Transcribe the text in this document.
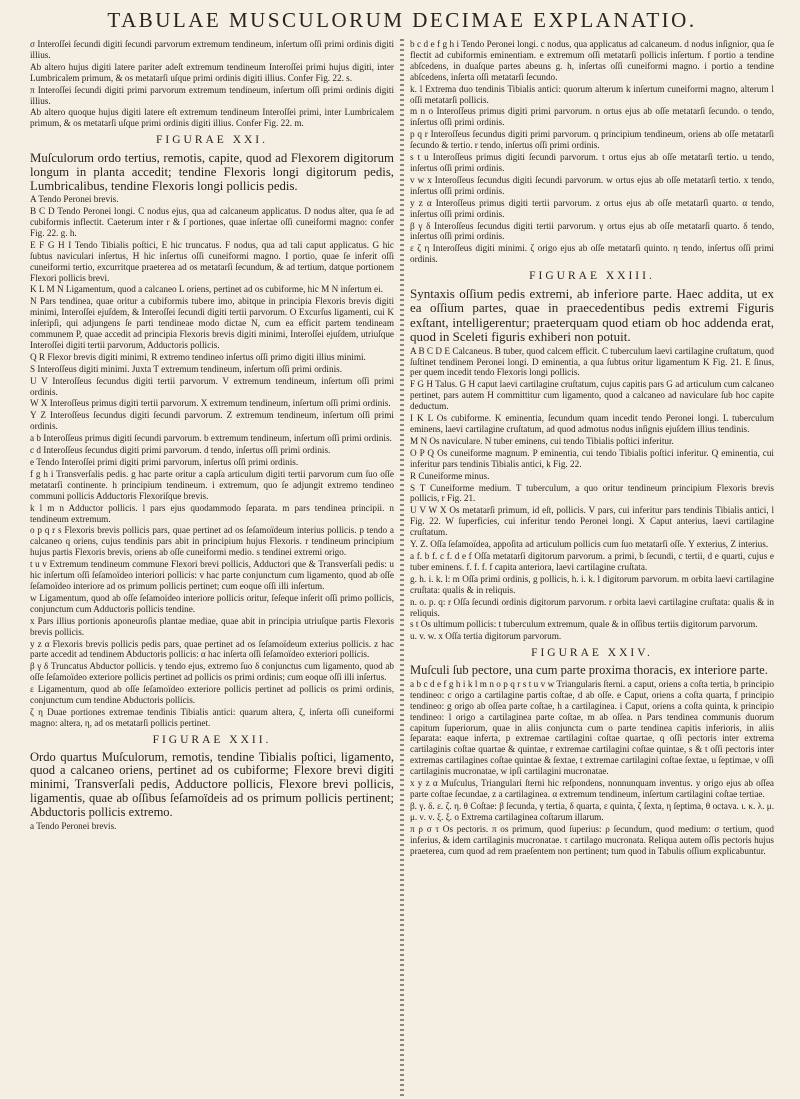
TABULAE MUSCULORUM DECIMAE EXPLANATIO.

σ Interoſſei ſecundi digiti ſecundi parvorum extremum tendineum, inſertum oſſi primi ordinis digiti illius.

Ab altero hujus digiti latere pariter adeſt extremum tendineum Interoſſei primi hujus digiti, inter Lumbricalem primum, & os metatarſi uſque primi ordinis digiti illius. Confer Fig. 22. s.

π Interoſſei ſecundi digiti primi parvorum extremum tendineum, inſertum oſſi primi ordinis digiti illius.

Ab altero quoque hujus digiti latere eſt extremum tendineum Interoſſei primi, inter Lumbricalem primum, & os metatarſi uſque primi ordinis digiti illius. Confer Fig. 22. m.

FIGURAE XXI.

Muſculorum ordo tertius, remotis, capite, quod ad Flexorem digitorum longum in planta accedit; tendine Flexoris longi digitorum pedis, Lumbricalibus, tendine Flexoris longi pollicis pedis.

A Tendo Peronei brevis.

B C D Tendo Peronei longi. C nodus ejus, qua ad calcaneum applicatus. D nodus alter, qua ſe ad cubiformis inflectit. Caeterum inter r & ſ portiones, quae inſertae oſſi cuneiformi magno: confer Fig. 22. g. h.

E F G H I Tendo Tibialis poſtici, E hic truncatus. F nodus, qua ad tali caput applicatus. G hic ſubtus naviculari inſertus, H hic inſertus oſſi cuneiformi magno. I portio, quae ſe inferit oſſi cuneiformi tertio, excurritque praeterea ad os metatarſi ſecundum, & ad tertium, datque portionem Flexori pollicis brevi.

K L M N Ligamentum, quod a calcaneo L oriens, pertinet ad os cubiforme, hic M N inſertum ei.

N Pars tendinea, quae oritur a cubiformis tubere imo, abitque in principia Flexoris brevis digiti minimi, Interoſſei ejuſdem, & Interoſſei ſecundi digiti tertii parvorum. O Excurſus ligamenti, cui K inſeripſi, qui adjungens ſe parti tendineae modo dictae N, cum ea efficit partem tendineam communem P, quae accedit ad principia Flexoris brevis digiti minimi, Interoſſei ejuſdem, utriuſque Interoſſei digiti tertii parvorum, Adductoris pollicis.

Q R Flexor brevis digiti minimi, R extremo tendineo inſertus oſſi primo digiti illius minimi.

S Interoſſeus digiti minimi. Juxta T extremum tendineum, inſertum oſſi primi ordinis.

U V Interoſſeus ſecundus digiti tertii parvorum. V extremum tendineum, inſertum oſſi primi ordinis.

W X Interoſſeus primus digiti tertii parvorum. X extremum tendineum, inſertum oſſi primi ordinis.

Y Z Interoſſeus ſecundus digiti ſecundi parvorum. Z extremum tendineum, inſertum oſſi primi ordinis.

a b Interoſſeus primus digiti ſecundi parvorum. b extremum tendineum, inſertum oſſi primi ordinis.

c d Interoſſeus ſecundus digiti primi parvorum. d tendo, inſertus oſſi primi ordinis.

e Tendo Interoſſei primi digiti primi parvorum, inſertus oſſi primi ordinis.

f g h i Transverſalis pedis. g hac parte oritur a capſa articulum digiti tertii parvorum cum ſuo oſſe metatarſi continente. h principium tendineum. i extremum, quo ſe adjungit extremo tendineo communi pollicis Adductoris Flexoriſque brevis.

k l m n Adductor pollicis. l pars ejus quodammodo ſeparata. m pars tendinea principii. n tendineum extremum.

o p q r s Flexoris brevis pollicis pars, quae pertinet ad os ſeſamoïdeum interius pollicis. p tendo a calcaneo q oriens, cujus tendinis pars abit in principium hujus Flexoris. r tendineum principium hujus partis Flexoris brevis, oriens ab oſſe cuneiformi medio. s tendinei extremi origo.

t u v Extremum tendineum commune Flexori brevi pollicis, Adductori que & Transverſali pedis: u hic inſertum oſſi ſeſamoïdeo interiori pollicis: v hac parte conjunctum cum ligamento, quod ab oſſe ſeſamoïdeo interiore ad os primum pollicis pertinet; cum eoque oſſi illi inſertum.

w Ligamentum, quod ab oſſe ſeſamoïdeo interiore pollicis oritur, ſeſeque inſerit oſſi primo pollicis, conjunctum cum Adductoris pollicis tendine.

x Pars illius portionis aponeuroſis plantae mediae, quae abit in principia utriuſque partis Flexoris brevis pollicis.

y z α Flexoris brevis pollicis pedis pars, quae pertinet ad os ſeſamoïdeum exterius pollicis. z hac parte accedit ad tendinem Abductoris pollicis: α hac inſerta oſſi ſeſamoïdeo exteriori pollicis.

β γ δ Truncatus Abductor pollicis. γ tendo ejus, extremo ſuo δ conjunctus cum ligamento, quod ab oſſe ſeſamoïdeo exteriore pollicis pertinet ad pollicis os primi ordinis; cum eoque oſſi illi inſertus.

ε Ligamentum, quod ab oſſe ſeſamoïdeo exteriore pollicis pertinet ad pollicis os primi ordinis, conjunctum cum tendine Abductoris pollicis.

ζ η Duae portiones extremae tendinis Tibialis antici: quarum altera, ζ, inſerta oſſi cuneiformi magno: altera, η, ad os metatarſi pollicis pertinet.

FIGURAE XXII.

Ordo quartus Muſculorum, remotis, tendine Tibialis poſtici, ligamento, quod a calcaneo oriens, pertinet ad os cubiforme; Flexore brevi digiti minimi, Transverſali pedis, Adductore pollicis, Flexore brevi pollicis, ligamentis, quae ab oſſibus ſeſamoïdeis ad os primum pollicis pertinent; Abductoris pollicis extremo.

a Tendo Peronei brevis.

b c d e f g h i Tendo Peronei longi. c nodus, qua applicatus ad calcaneum. d nodus inſignior, qua ſe flectit ad cubiformis eminentiam. e extremum oſſi metatarſi pollicis inſertum. f portio a tendine abſcedens, in duaſque partes abeuns g. h, inſertas oſſi cuneiformi magno. i portio a tendine abſcedens, inſerta oſſi metatarſi ſecundo.

k. l Extrema duo tendinis Tibialis antici: quorum alterum k inſertum cuneiformi magno, alterum l oſſi metatarſi pollicis.

m n o Interoſſeus primus digiti primi parvorum. n ortus ejus ab oſſe metatarſi ſecundo. o tendo, inſertus oſſi primi ordinis.

p q r Interoſſeus ſecundus digiti primi parvorum. q principium tendineum, oriens ab oſſe metatarſi ſecundo & tertio. r tendo, inſertus oſſi primi ordinis.

s t u Interoſſeus primus digiti ſecundi parvorum. t ortus ejus ab oſſe metatarſi tertio. u tendo, inſertus oſſi primi ordinis.

v w x Interoſſeus ſecundus digiti ſecundi parvorum. w ortus ejus ab oſſe metatarſi tertio. x tendo, inſertus oſſi primi ordinis.

y z α Interoſſeus primus digiti tertii parvorum. z ortus ejus ab oſſe metatarſi quarto. α tendo, inſertus oſſi primi ordinis.

β γ δ Interoſſeus ſecundus digiti tertii parvorum. γ ortus ejus ab oſſe metatarſi quarto. δ tendo, inſertus oſſi primi ordinis.

ε ζ η Interoſſeus digiti minimi. ζ origo ejus ab oſſe metatarſi quinto. η tendo, inſertus oſſi primi ordinis.

FIGURAE XXIII.

Syntaxis oſſium pedis extremi, ab inferiore parte. Haec addita, ut ex ea oſſium partes, quae in praecedentibus pedis extremi Figuris exſtant, intelligerentur; praeterquam quod etiam ob hoc addenda erat, quod in Sceleti figuris exhiberi non potuit.

A B C D E Calcaneus. B tuber, quod calcem efficit. C tuberculum laevi cartilagine cruſtatum, quod ſuſtinet tendinem Peronei longi. D eminentia, a qua ſubtus oritur ligamentum K Fig. 21. E ſinus, per quem incedit tendo Flexoris longi pollicis.

F G H Talus. G H caput laevi cartilagine cruſtatum, cujus capitis pars G ad articulum cum calcaneo pertinet, pars autem H committitur cum ligamento, quod a calcaneo ad naviculare ſub hoc capite deductum.

I K L Os cubiforme. K eminentia, ſecundum quam incedit tendo Peronei longi. L tuberculum eminens, laevi cartilagine cruſtatum, ad quod admotus nodus inſignis ejuſdem illius tendinis.

M N Os naviculare. N tuber eminens, cui tendo Tibialis poſtici inferitur.

O P Q Os cuneiforme magnum. P eminentia, cui tendo Tibialis poſtici inferitur. Q eminentia, cui inferitur pars tendinis Tibialis antici, k Fig. 22.

R Cuneiforme minus.

S T Cuneiforme medium. T tuberculum, a quo oritur tendineum principium Flexoris brevis pollicis, r Fig. 21.

U V W X Os metatarſi primum, id eſt, pollicis. V pars, cui inferitur pars tendinis Tibialis antici, l Fig. 22. W ſuperficies, cui inferitur tendo Peronei longi. X Caput anterius, laevi cartilagine cruſtatum.

Y. Z. Oſſa ſeſamoïdea, appoſita ad articulum pollicis cum ſuo metatarſi oſſe. Y exterius, Z interius.

a f. b f. c f. d e f Oſſa metatarſi digitorum parvorum. a primi, b ſecundi, c tertii, d e quarti, cujus e tuber eminens. f. f. f. f capita anteriora, laevi cartilagine cruſtata.

g. h. i. k. l: m Oſſa primi ordinis, g pollicis, h. i. k. l digitorum parvorum. m orbita laevi cartilagine cruſtata: qualis & in reliquis.

n. o. p. q: r Oſſa ſecundi ordinis digitorum parvorum. r orbita laevi cartilagine cruſtata: qualis & in reliquis.

s t Os ultimum pollicis: t tuberculum extremum, quale & in oſſibus tertiis digitorum parvorum.

u. v. w. x Oſſa tertia digitorum parvorum.

FIGURAE XXIV.

Muſculi ſub pectore, una cum parte proxima thoracis, ex interiore parte.

a b c d e f g h i k l m n o p q r s t u v w Triangularis ſterni. a caput, oriens a coſta tertia, b principio tendineo: c origo a cartilagine partis coſtae, d ab oſſe. e Caput, oriens a coſta quarta, f principio tendineo: g origo ab oſſea parte coſtae, h a cartilaginea. i Caput, oriens a coſta quinta, k principio tendineo: l origo a cartilaginea parte coſtae, m ab oſſea. n Pars tendinea communis duorum capitum ſuperiorum, quae in aliis conjuncta cum o parte tendinea capitis inferioris, in aliis ſeparata: eaque inferta, p extremae cartilagini coſtae quartae, q oſſi pectoris inter extrema cartilaginis coſtae quartae & quintae, r extremae cartilagini coſtae quintae, s & t oſſi pectoris inter extremas cartilagines coſtae quintae & ſextae, t extremae cartilagini coſtae ſextae, u ſeptimae, v oſſi cartilaginis mucronatae, w ipſi cartilagini mucronatae.

x y z α Muſculus, Triangulari ſterni hic reſpondens, nonnunquam inventus. y origo ejus ab oſſea parte coſtae ſecundae, z a cartilaginea. α extremum tendineum, inſertum cartilagini coſtae tertiae.

β. γ. δ. ε. ζ. η. θ Coſtae: β ſecunda, γ tertia, δ quarta, ε quinta, ζ ſexta, η ſeptima, θ octava. ι. κ. λ. μ. μ. ν. ν. ξ. ξ. ο Extrema cartilaginea coſtarum illarum.

π ρ σ τ Os pectoris. π os primum, quod ſuperius: ρ ſecundum, quod medium: σ tertium, quod inferius, & idem cartilaginis mucronatae. τ cartilago mucronata. Reliqua autem oſſis pectoris hujus praeterea, cum quod ad rem praeſentem non pertinent; tum quod in Tabulis oſſium explicabuntur.
